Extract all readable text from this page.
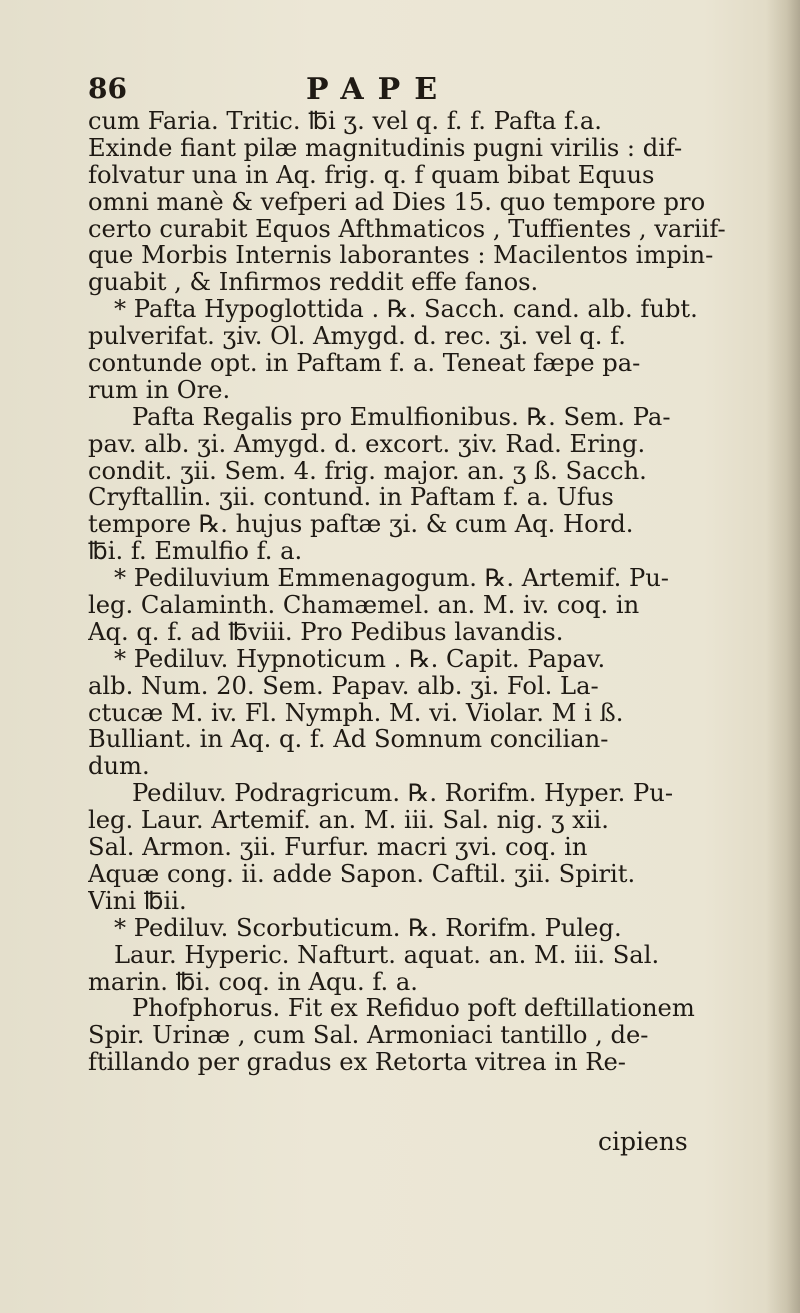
86	PAPE
cum Faria. Tritic. ℔i ʒ. vel q. f. f. Pafta f.a.
Exinde fiant pilæ magnitudinis pugni virilis : dif-
folvatur una in Aq. frig. q. f quam bibat Equus
omni manè & vefperi ad Dies 15. quo tempore pro
certo curabit Equos Afthmaticos , Tuffientes , variif-
que Morbis Internis laborantes : Macilentos impin-
guabit , & Infirmos reddit effe fanos.
* Pafta Hypoglottida . ℞. Sacch. cand. alb. fubt.
pulverifat. ʒiv. Ol. Amygd. d. rec. ʒi. vel q. f.
contunde opt. in Paftam f. a. Teneat fæpe pa-
rum in Ore.
Pafta Regalis pro Emulfionibus. ℞. Sem. Pa-
pav. alb. ʒi. Amygd. d. excort. ʒiv. Rad. Ering.
condit. ʒii. Sem. 4. frig. major. an. ʒ ß. Sacch.
Cryftallin. ʒii. contund. in Paftam f. a. Ufus
tempore ℞. hujus paftæ ʒi. & cum Aq. Hord.
℔i. f. Emulfio f. a.
* Pediluvium Emmenagogum. ℞. Artemif. Pu-
leg. Calaminth. Chamæmel. an. M. iv. coq. in
Aq. q. f. ad ℔viii. Pro Pedibus lavandis.
* Pediluv. Hypnoticum . ℞. Capit. Papav.
alb. Num. 20. Sem. Papav. alb. ʒi. Fol. La-
ctucæ M. iv. Fl. Nymph. M. vi. Violar. M i ß.
Bulliant. in Aq. q. f. Ad Somnum concilian-
dum.
Pediluv. Podragricum. ℞. Rorifm. Hyper. Pu-
leg. Laur. Artemif. an. M. iii. Sal. nig. ʒ xii.
Sal. Armon. ʒii. Furfur. macri ʒvi. coq. in
Aquæ cong. ii. adde Sapon. Caftil. ʒii. Spirit.
Vini ℔ii.
* Pediluv. Scorbuticum. ℞. Rorifm. Puleg.
Laur. Hyperic. Nafturt. aquat. an. M. iii. Sal.
marin. ℔i. coq. in Aqu. f. a.
Phofphorus. Fit ex Refiduo poft deftillationem
Spir. Urinæ , cum Sal. Armoniaci tantillo , de-
ftillando per gradus ex Retorta vitrea in Re-
cipiens
